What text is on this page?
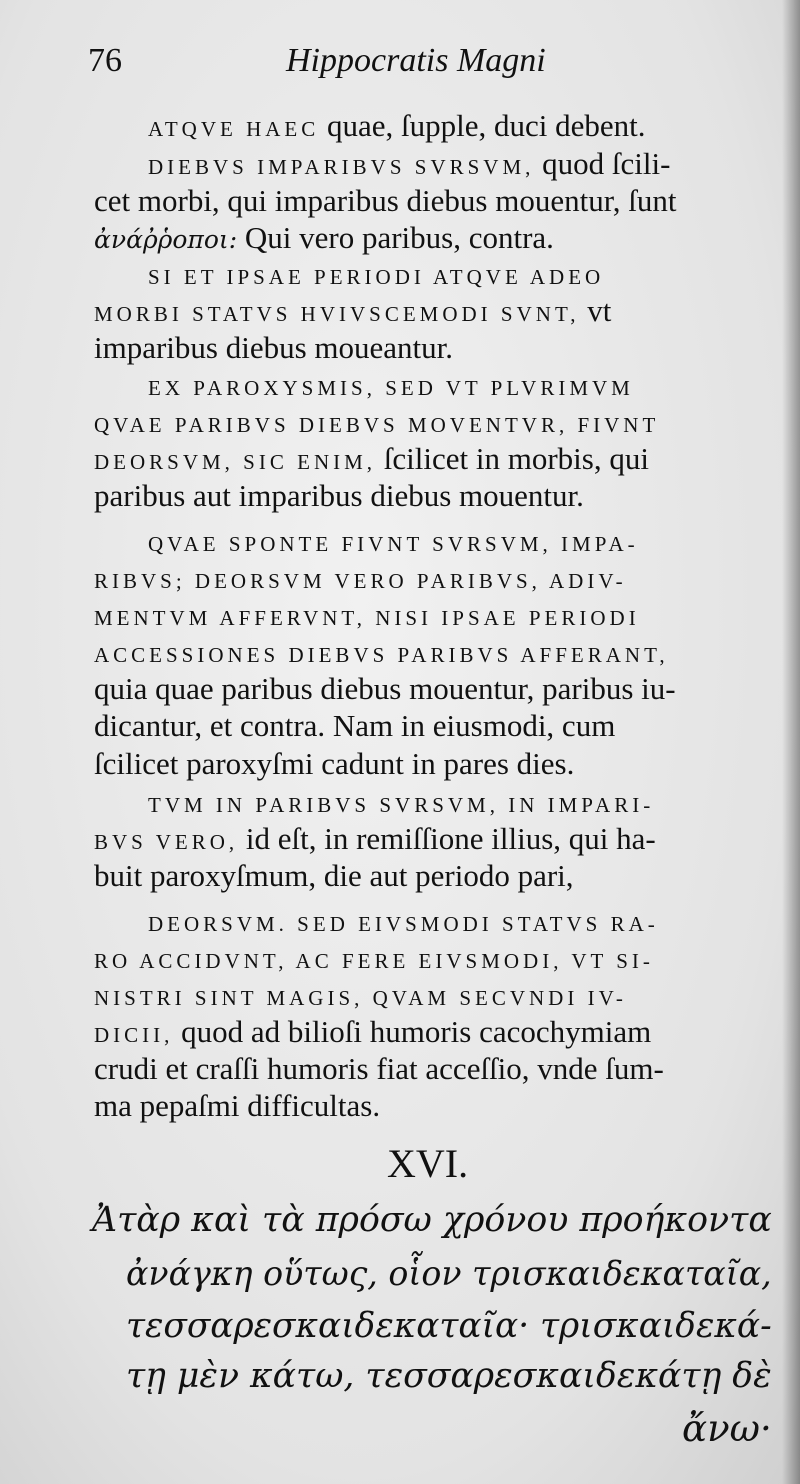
76	Hippocratis Magni
ATQVE HAEC quae, ſupple, duci debent.
DIEBVS IMPARIBVS SVRSVM, quod ſcili-
cet morbi, qui imparibus diebus mouentur, ſunt
ἀνάῤῥοποι: Qui vero paribus, contra.
SI ET IPSAE PERIODI ATQVE ADEO
MORBI STATVS HVIVSCEMODI SVNT, vt
imparibus diebus moueantur.
EX PAROXYSMIS, SED VT PLVRIMVM
QVAE PARIBVS DIEBVS MOVENTVR, FIVNT
DEORSVM, SIC ENIM, ſcilicet in morbis, qui
paribus aut imparibus diebus mouentur.
QVAE SPONTE FIVNT SVRSVM, IMPA-
RIBVS; DEORSVM VERO PARIBVS, ADIV-
MENTVM AFFERVNT, NISI IPSAE PERIODI
ACCESSIONES DIEBVS PARIBVS AFFERANT,
quia quae paribus diebus mouentur, paribus iu-
dicantur, et contra. Nam in eiusmodi, cum
ſcilicet paroxyſmi cadunt in pares dies.
TVM IN PARIBVS SVRSVM, IN IMPARI-
BVS VERO, id eſt, in remiſſione illius, qui ha-
buit paroxyſmum, die aut periodo pari,
DEORSVM. SED EIVSMODI STATVS RA-
RO ACCIDVNT, AC FERE EIVSMODI, VT SI-
NISTRI SINT MAGIS, QVAM SECVNDI IV-
DICII, quod ad bilioſi humoris cacochymiam
crudi et craſſi humoris fiat acceſſio, vnde ſum-
ma pepaſmi difficultas.
XVI.
Ἀτὰρ καὶ τὰ πρόσω χρόνου προήκοντα
ἀνάγκη οὕτως, οἷον τρισκαιδεκαταῖα,
τεσσαρεσκαιδεκαταῖα· τρισκαιδεκά-
τῃ μὲν κάτω, τεσσαρεσκαιδεκάτῃ δὲ
ἄνω·
